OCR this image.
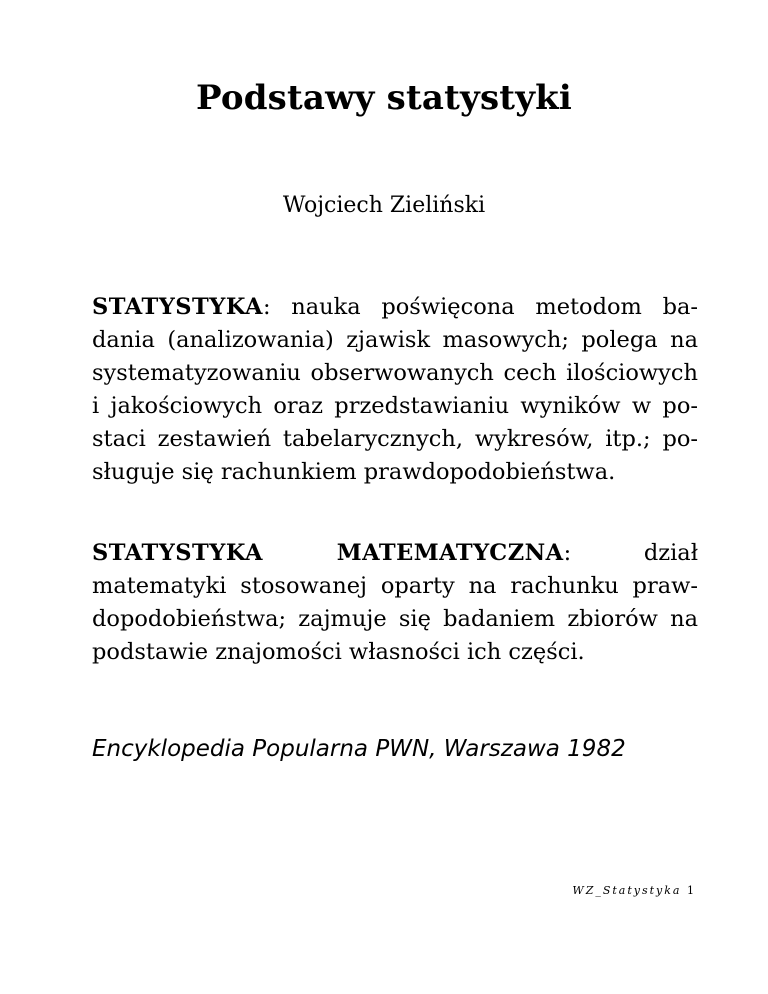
Podstawy statystyki
Wojciech Zieliński
STATYSTYKA: nauka poświęcona metodom ba-dania (analizowania) zjawisk masowych; polega na systematyzowaniu obserwowanych cech ilościowych i jakościowych oraz przedstawianiu wyników w po-staci zestawień tabelarycznych, wykresów, itp.; po-sługuje się rachunkiem prawdopodobieństwa.
STATYSTYKA MATEMATYCZNA: dział matematyki stosowanej oparty na rachunku praw-dopodobieństwa; zajmuje się badaniem zbiorów na podstawie znajomości własności ich części.
Encyklopedia Popularna PWN, Warszawa 1982
WZ_Statystyka 1
